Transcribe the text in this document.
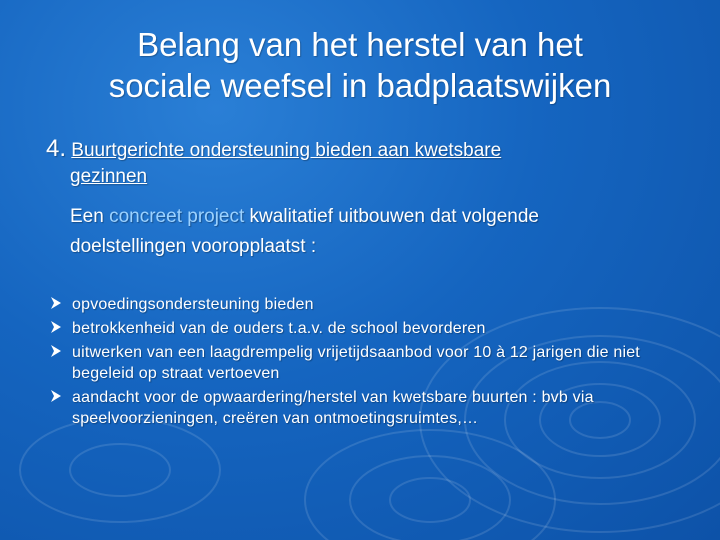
Belang van het herstel van het
sociale weefsel in badplaatswijken
4. Buurtgerichte ondersteuning bieden aan kwetsbare
gezinnen
Een concreet project kwalitatief uitbouwen dat volgende
doelstellingen vooropplaatst :
opvoedingsondersteuning bieden
betrokkenheid van de ouders t.a.v. de school bevorderen
uitwerken van een laagdrempelig vrijetijdsaanbod voor 10 à 12 jarigen die niet begeleid op straat vertoeven
aandacht voor de opwaardering/herstel van kwetsbare buurten : bvb via speelvoorzieningen, creëren van ontmoetingsruimtes,…
